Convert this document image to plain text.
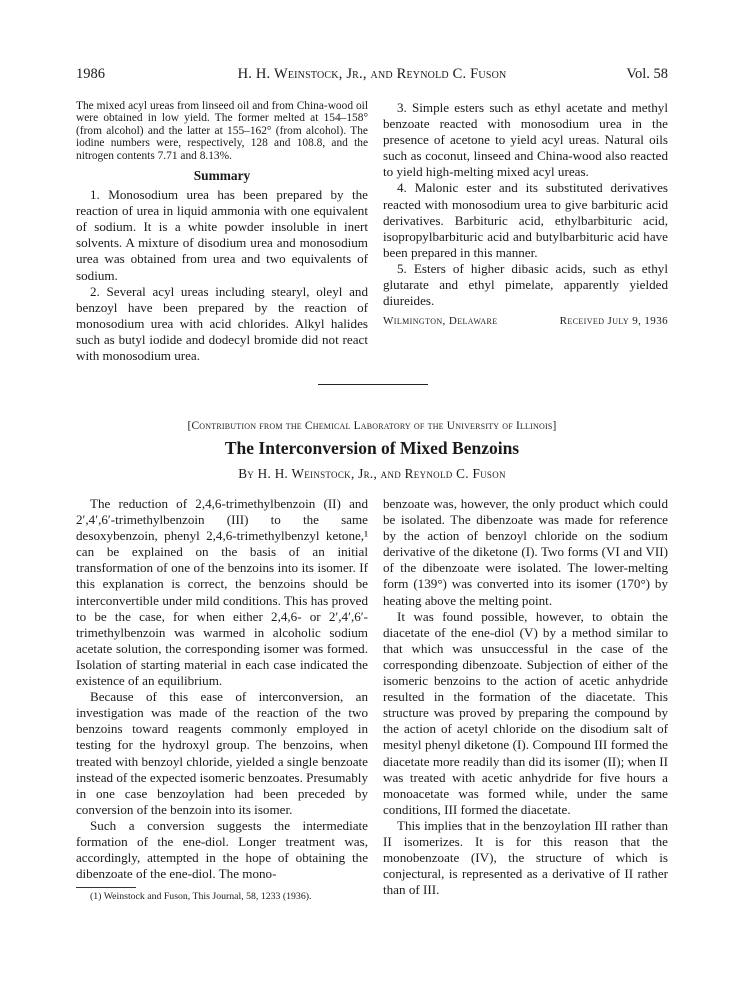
1986	H. H. Weinstock, Jr., and Reynold C. Fuson	Vol. 58

The mixed acyl ureas from linseed oil and from China-wood oil were obtained in low yield. The former melted at 154–158° (from alcohol) and the latter at 155–162° (from alcohol). The iodine numbers were, respectively, 128 and 108.8, and the nitrogen contents 7.71 and 8.13%.

Summary

1. Monosodium urea has been prepared by the reaction of urea in liquid ammonia with one equivalent of sodium. It is a white powder insoluble in inert solvents. A mixture of disodium urea and monosodium urea was obtained from urea and two equivalents of sodium.

2. Several acyl ureas including stearyl, oleyl and benzoyl have been prepared by the reaction of monosodium urea with acid chlorides. Alkyl halides such as butyl iodide and dodecyl bromide did not react with monosodium urea.

3. Simple esters such as ethyl acetate and methyl benzoate reacted with monosodium urea in the presence of acetone to yield acyl ureas. Natural oils such as coconut, linseed and China-wood also reacted to yield high-melting mixed acyl ureas.

4. Malonic ester and its substituted derivatives reacted with monosodium urea to give barbituric acid derivatives. Barbituric acid, ethylbarbituric acid, isopropylbarbituric acid and butylbarbituric acid have been prepared in this manner.

5. Esters of higher dibasic acids, such as ethyl glutarate and ethyl pimelate, apparently yielded diureides.

Wilmington, Delaware	Received July 9, 1936
[Contribution from the Chemical Laboratory of the University of Illinois]
The Interconversion of Mixed Benzoins
By H. H. Weinstock, Jr., and Reynold C. Fuson

The reduction of 2,4,6-trimethylbenzoin (II) and 2′,4′,6′-trimethylbenzoin (III) to the same desoxybenzoin, phenyl 2,4,6-trimethylbenzyl ketone,¹ can be explained on the basis of an initial transformation of one of the benzoins into its isomer. If this explanation is correct, the benzoins should be interconvertible under mild conditions. This has proved to be the case, for when either 2,4,6- or 2′,4′,6′-trimethylbenzoin was warmed in alcoholic sodium acetate solution, the corresponding isomer was formed. Isolation of starting material in each case indicated the existence of an equilibrium.

Because of this ease of interconversion, an investigation was made of the reaction of the two benzoins toward reagents commonly employed in testing for the hydroxyl group. The benzoins, when treated with benzoyl chloride, yielded a single benzoate instead of the expected isomeric benzoates. Presumably in one case benzoylation had been preceded by conversion of the benzoin into its isomer.

Such a conversion suggests the intermediate formation of the ene-diol. Longer treatment was, accordingly, attempted in the hope of obtaining the dibenzoate of the ene-diol. The mono-

(1) Weinstock and Fuson, This Journal, 58, 1233 (1936).

benzoate was, however, the only product which could be isolated. The dibenzoate was made for reference by the action of benzoyl chloride on the sodium derivative of the diketone (I). Two forms (VI and VII) of the dibenzoate were isolated. The lower-melting form (139°) was converted into its isomer (170°) by heating above the melting point.

It was found possible, however, to obtain the diacetate of the ene-diol (V) by a method similar to that which was unsuccessful in the case of the corresponding dibenzoate. Subjection of either of the isomeric benzoins to the action of acetic anhydride resulted in the formation of the diacetate. This structure was proved by preparing the compound by the action of acetyl chloride on the disodium salt of mesityl phenyl diketone (I). Compound III formed the diacetate more readily than did its isomer (II); when II was treated with acetic anhydride for five hours a monoacetate was formed while, under the same conditions, III formed the diacetate.

This implies that in the benzoylation III rather than II isomerizes. It is for this reason that the monobenzoate (IV), the structure of which is conjectural, is represented as a derivative of II rather than of III.
